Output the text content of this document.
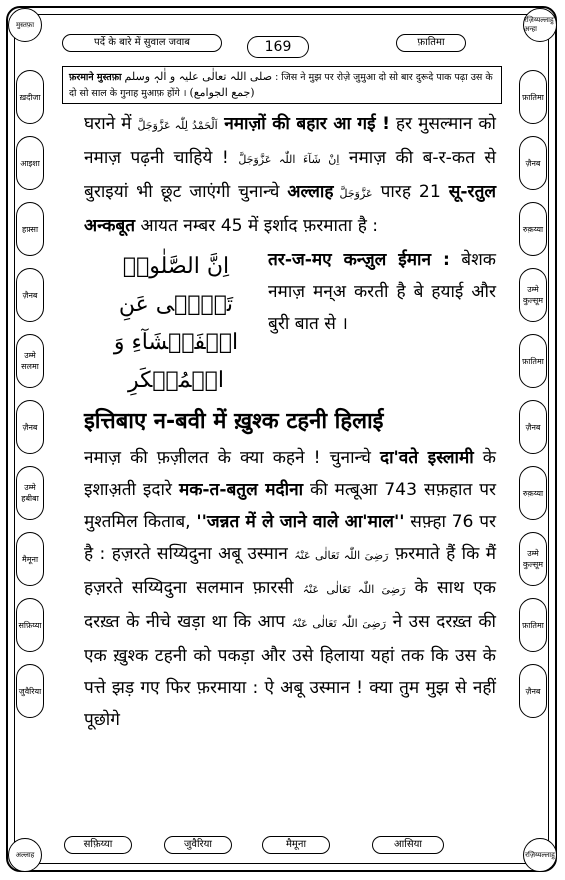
मुस्तफ़ा
रज़िय्यल्लाहु अन्हा
अल्लाह	रज़िय्यल्लाहु
पर्दे के बारे में सुवाल जवाब	169	फ़ातिमा
फ़रमाने मुस्तफ़ा صلی اللہ تعالٰی علیہ و اٰلہٖ وسلم : जिस ने मुझ पर रोज़े जुमुआ दो सो बार दुरूदे पाक पढ़ा उस के दो सो साल के गुनाह मुआफ़ होंगे । (جمع الجوامع)
ख़दीजा
आइशा
हफ़्सा
ज़ैनब
उम्मे सलमा
ज़ैनब
उम्मे हबीबा
मैमूना
सफ़िय्या
जुवैरिया
फ़ातिमा
ज़ैनब
रुक़य्या
उम्मे कुल्सूम
फ़ातिमा
ज़ैनब
रुक़य्या
उम्मे कुल्सूम
फ़ातिमा
ज़ैनब
घराने में اَلْحَمْدُ لِلّٰہ عَزَّوَجَلَّ नमाज़ों की बहार आ गई ! हर मुसल्मान को नमाज़ पढ़नी चाहिये ! اِنْ شَآءَ اللّٰہ عَزَّوَجَلَّ नमाज़ की ब-र-कत से बुराइयां भी छूट जाएंगी चुनान्चे अल्लाह عَزَّوَجَلَّ पारह 21 सू-रतुल अन्कबूत आयत नम्बर 45 में इर्शाद फ़रमाता है :
तर-ज-मए कन्ज़ुल ईमान : बेशक नमाज़ मन्अ करती है बे हयाई और बुरी बात से ।
اِنَّ الصَّلٰوۃَ تَنۡہٰی عَنِ الۡفَحۡشَآءِ وَ الۡمُنۡکَرِ
इत्तिबाए न-बवी में ख़ुश्क टहनी हिलाई
नमाज़ की फ़ज़ीलत के क्या कहने ! चुनान्चे दा'वते इस्लामी के इशाअ़ती इदारे मक-त-बतुल मदीना की मत्बूआ 743 सफ़हात पर मुश्तमिल किताब, ''जन्नत में ले जाने वाले आ'माल'' सफ़्हा 76 पर है : हज़रते सय्यिदुना अबू उस्मान رَضِیَ اللّٰہ تَعَالٰی عَنْہُ फ़रमाते हैं कि मैं हज़रते सय्यिदुना सलमान फ़ारसी رَضِیَ اللّٰہ تَعَالٰی عَنْہُ के साथ एक दरख़्त के नीचे खड़ा था कि आप رَضِیَ اللّٰہ تَعَالٰی عَنْہُ ने उस दरख़्त की एक ख़ुश्क टहनी को पकड़ा और उसे हिलाया यहां तक कि उस के पत्ते झड़ गए फिर फ़रमाया : ऐ अबू उस्मान ! क्या तुम मुझ से नहीं पूछोगे
सफ़िय्या	जुवैरिया	मैमूना	आसिया
